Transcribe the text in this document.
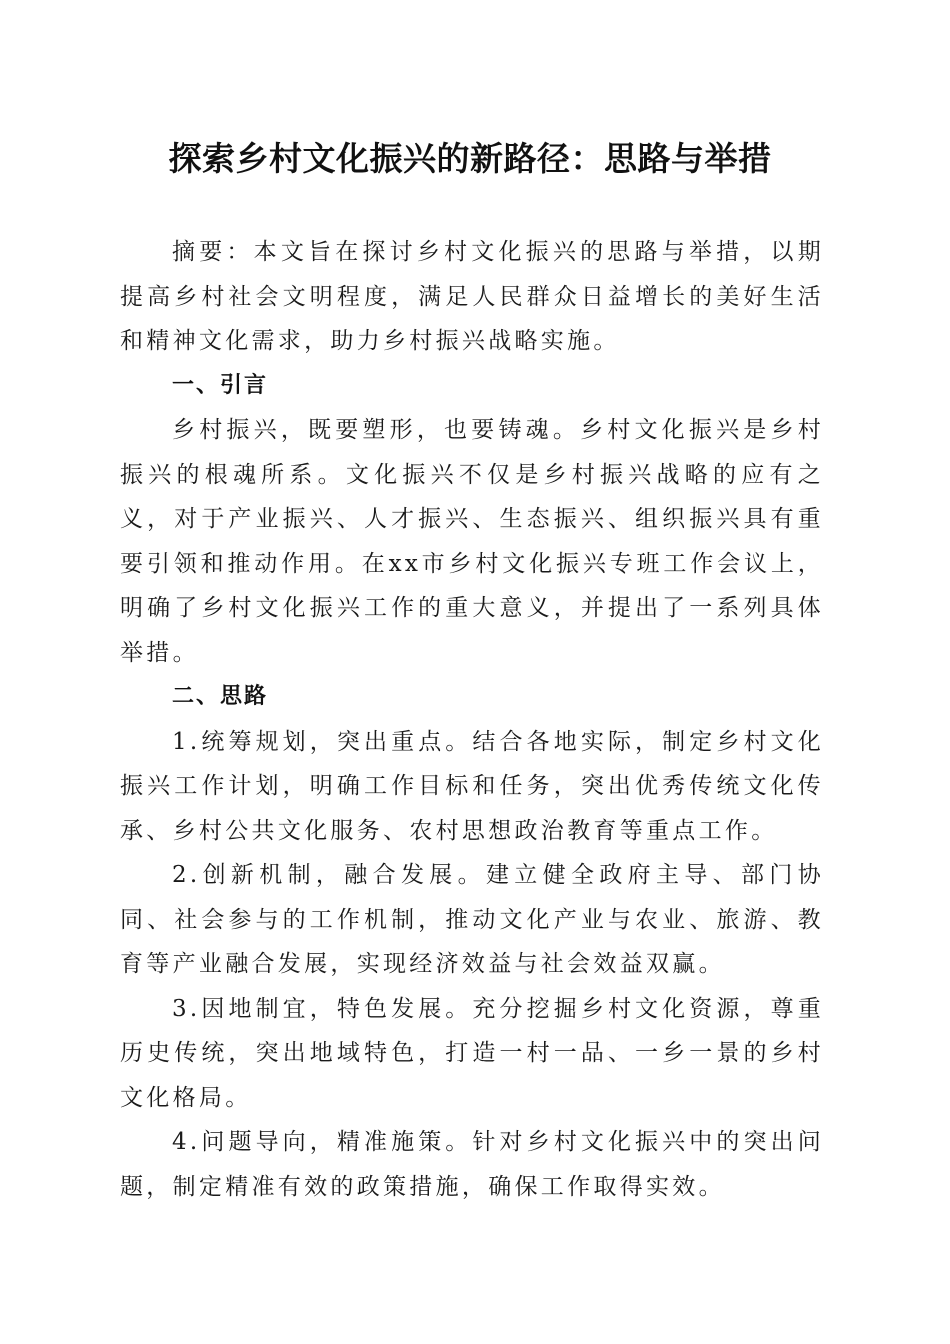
探索乡村文化振兴的新路径：思路与举措

摘要：本文旨在探讨乡村文化振兴的思路与举措，以期提高乡村社会文明程度，满足人民群众日益增长的美好生活和精神文化需求，助力乡村振兴战略实施。

一、引言

乡村振兴，既要塑形，也要铸魂。乡村文化振兴是乡村振兴的根魂所系。文化振兴不仅是乡村振兴战略的应有之义，对于产业振兴、人才振兴、生态振兴、组织振兴具有重要引领和推动作用。在xx市乡村文化振兴专班工作会议上，明确了乡村文化振兴工作的重大意义，并提出了一系列具体举措。

二、思路

1.统筹规划，突出重点。结合各地实际，制定乡村文化振兴工作计划，明确工作目标和任务，突出优秀传统文化传承、乡村公共文化服务、农村思想政治教育等重点工作。

2.创新机制，融合发展。建立健全政府主导、部门协同、社会参与的工作机制，推动文化产业与农业、旅游、教育等产业融合发展，实现经济效益与社会效益双赢。

3.因地制宜，特色发展。充分挖掘乡村文化资源，尊重历史传统，突出地域特色，打造一村一品、一乡一景的乡村文化格局。

4.问题导向，精准施策。针对乡村文化振兴中的突出问题，制定精准有效的政策措施，确保工作取得实效。
